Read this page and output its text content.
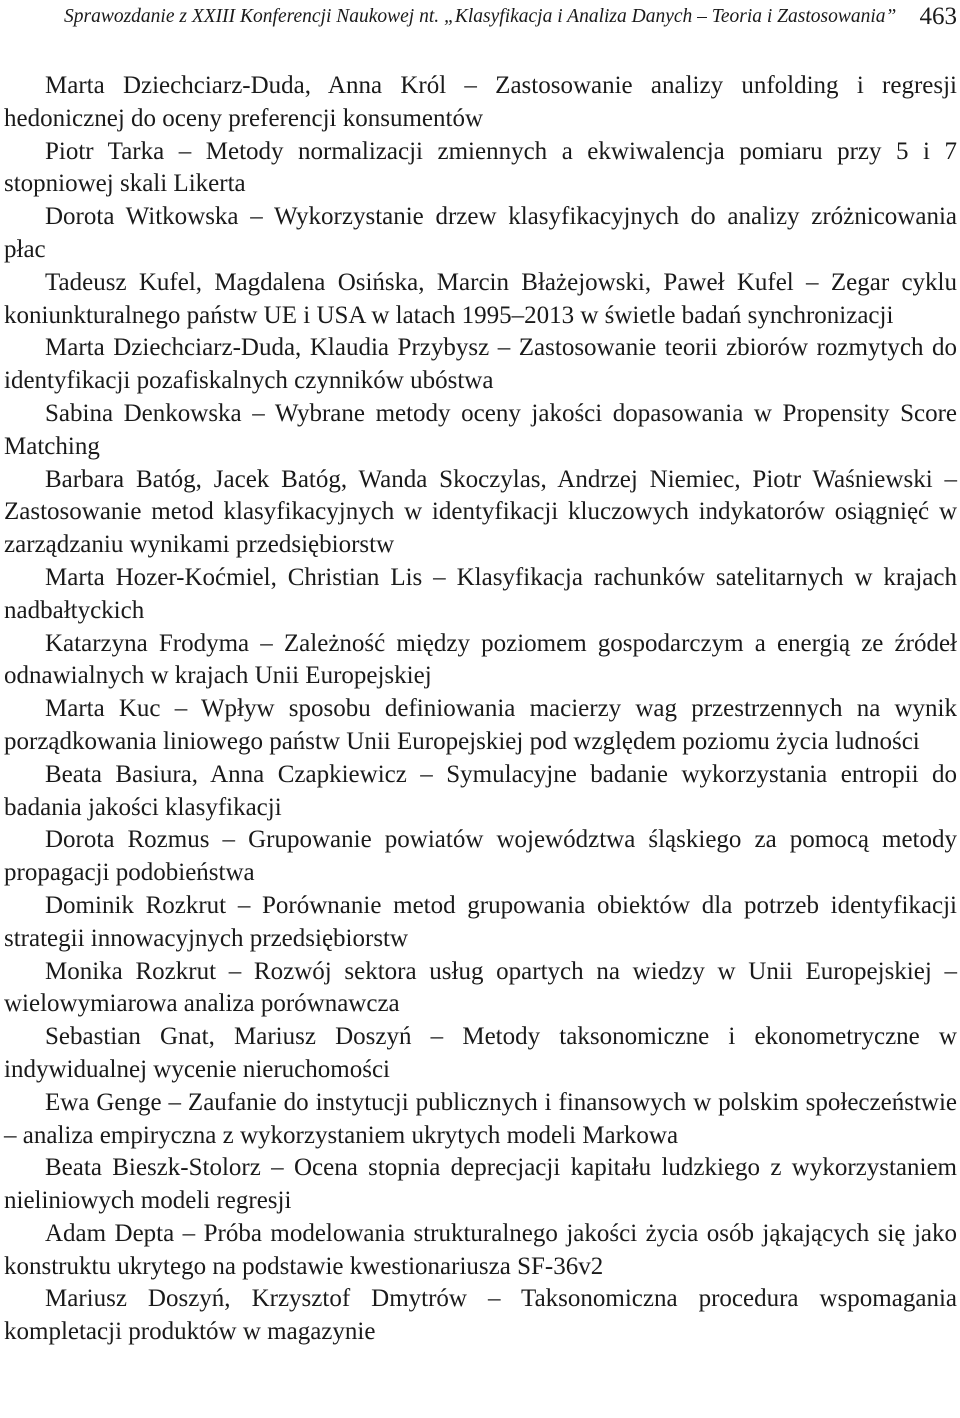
Sprawozdanie z XXIII Konferencji Naukowej nt. „Klasyfikacja i Analiza Danych – Teoria i Zastosowania” 463

Marta Dziechciarz-Duda, Anna Król – Zastosowanie analizy unfolding i regresji hedonicznej do oceny preferencji konsumentów

Piotr Tarka – Metody normalizacji zmiennych a ekwiwalencja pomiaru przy 5 i 7 stopniowej skali Likerta

Dorota Witkowska – Wykorzystanie drzew klasyfikacyjnych do analizy zróżnicowania płac

Tadeusz Kufel, Magdalena Osińska, Marcin Błażejowski, Paweł Kufel – Zegar cyklu koniunkturalnego państw UE i USA w latach 1995–2013 w świetle badań synchronizacji

Marta Dziechciarz-Duda, Klaudia Przybysz – Zastosowanie teorii zbiorów rozmytych do identyfikacji pozafiskalnych czynników ubóstwa

Sabina Denkowska – Wybrane metody oceny jakości dopasowania w Propensity Score Matching

Barbara Batóg, Jacek Batóg, Wanda Skoczylas, Andrzej Niemiec, Piotr Waśniewski – Zastosowanie metod klasyfikacyjnych w identyfikacji kluczowych indykatorów osiągnięć w zarządzaniu wynikami przedsiębiorstw

Marta Hozer-Koćmiel, Christian Lis – Klasyfikacja rachunków satelitarnych w krajach nadbałtyckich

Katarzyna Frodyma – Zależność między poziomem gospodarczym a energią ze źródeł odnawialnych w krajach Unii Europejskiej

Marta Kuc – Wpływ sposobu definiowania macierzy wag przestrzennych na wynik porządkowania liniowego państw Unii Europejskiej pod względem poziomu życia ludności

Beata Basiura, Anna Czapkiewicz – Symulacyjne badanie wykorzystania entropii do badania jakości klasyfikacji

Dorota Rozmus – Grupowanie powiatów województwa śląskiego za pomocą metody propagacji podobieństwa

Dominik Rozkrut – Porównanie metod grupowania obiektów dla potrzeb identyfikacji strategii innowacyjnych przedsiębiorstw

Monika Rozkrut – Rozwój sektora usług opartych na wiedzy w Unii Europejskiej – wielowymiarowa analiza porównawcza

Sebastian Gnat, Mariusz Doszyń – Metody taksonomiczne i ekonometryczne w indywidualnej wycenie nieruchomości

Ewa Genge – Zaufanie do instytucji publicznych i finansowych w polskim społeczeństwie – analiza empiryczna z wykorzystaniem ukrytych modeli Markowa

Beata Bieszk-Stolorz – Ocena stopnia deprecjacji kapitału ludzkiego z wykorzystaniem nieliniowych modeli regresji

Adam Depta – Próba modelowania strukturalnego jakości życia osób jąkających się jako konstruktu ukrytego na podstawie kwestionariusza SF-36v2

Mariusz Doszyń, Krzysztof Dmytrów – Taksonomiczna procedura wspomagania kompletacji produktów w magazynie
